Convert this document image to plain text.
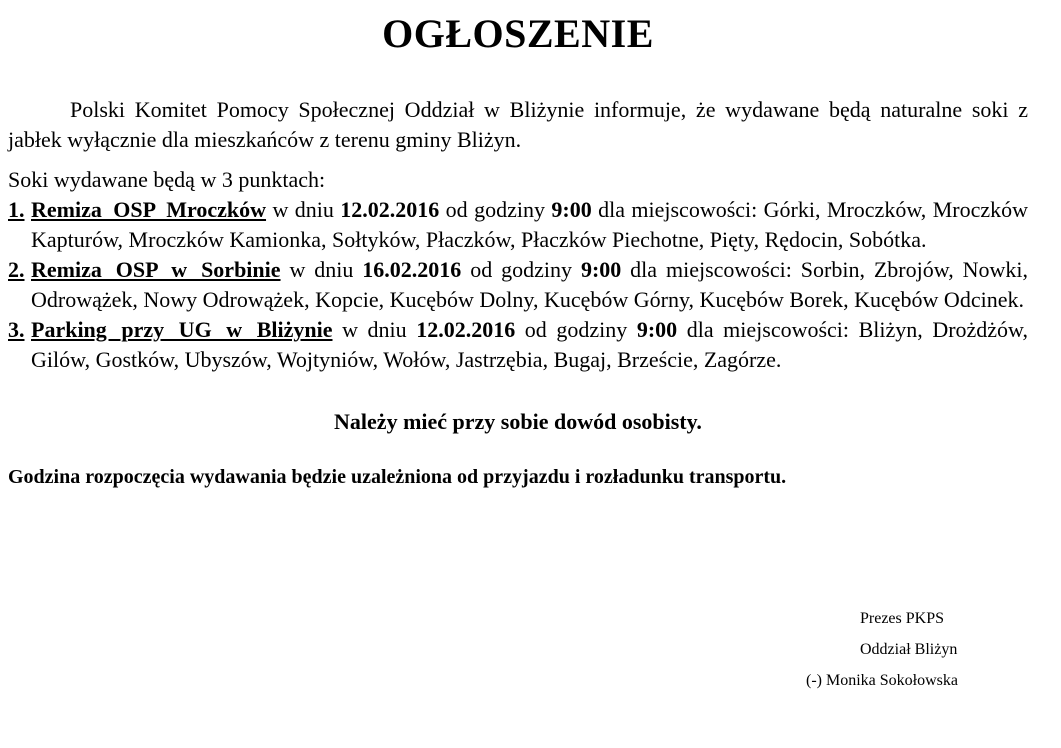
OGŁOSZENIE

Polski Komitet Pomocy Społecznej Oddział w Bliżynie informuje, że wydawane będą naturalne soki z jabłek wyłącznie dla mieszkańców z terenu gminy Bliżyn.

Soki wydawane będą w 3 punktach:

1. Remiza OSP Mroczków w dniu 12.02.2016 od godziny 9:00 dla miejscowości: Górki, Mroczków, Mroczków Kapturów, Mroczków Kamionka, Sołtyków, Płaczków, Płaczków Piechotne, Pięty, Rędocin, Sobótka.
2. Remiza OSP w Sorbinie w dniu 16.02.2016 od godziny 9:00 dla miejscowości: Sorbin, Zbrojów, Nowki, Odrowążek, Nowy Odrowążek, Kopcie, Kucębów Dolny, Kucębów Górny, Kucębów Borek, Kucębów Odcinek.
3. Parking przy UG w Bliżynie w dniu 12.02.2016 od godziny 9:00 dla miejscowości: Bliżyn, Drożdżów, Gilów, Gostków, Ubyszów, Wojtyniów, Wołów, Jastrzębia, Bugaj, Brzeście, Zagórze.

Należy mieć przy sobie dowód osobisty.

Godzina rozpoczęcia wydawania będzie uzależniona od przyjazdu i rozładunku transportu.

Prezes PKPS
Oddział Bliżyn
(-) Monika Sokołowska
